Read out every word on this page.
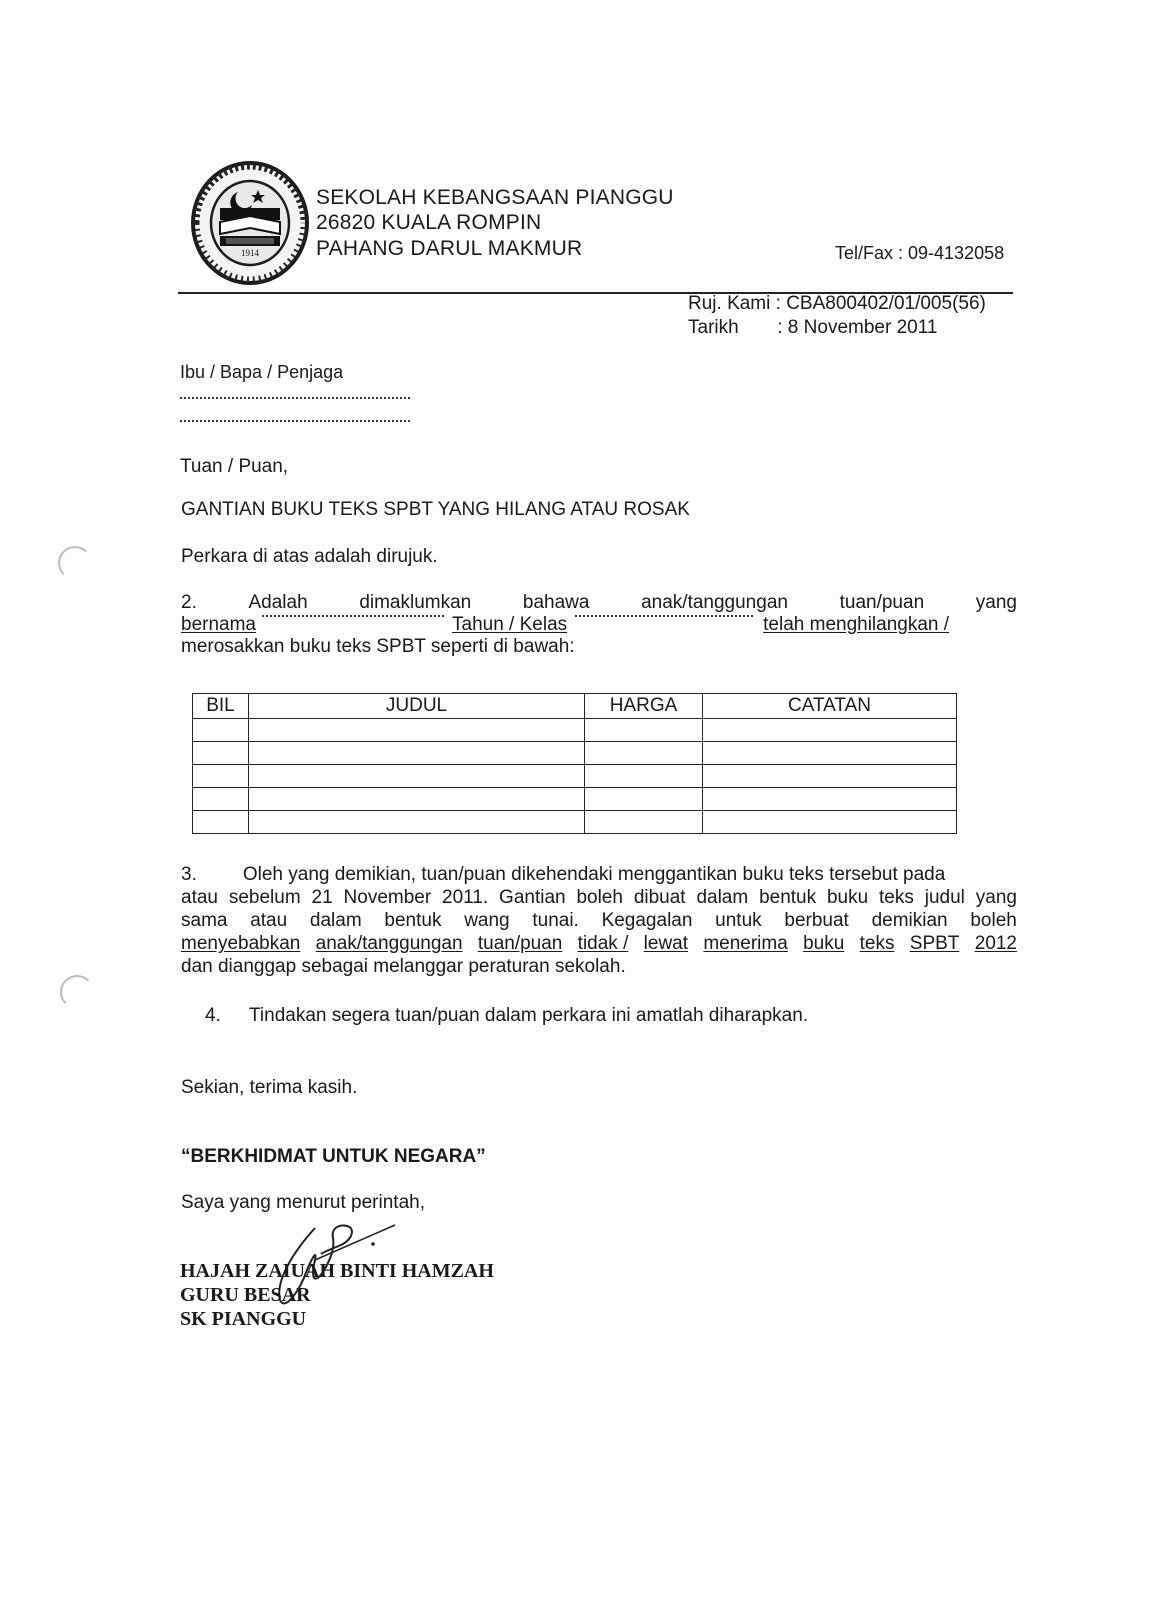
1914
SEKOLAH KEBANGSAAN PIANGGU
26820 KUALA ROMPIN
PAHANG DARUL MAKMUR	Tel/Fax : 09-4132058
Ruj. Kami : CBA800402/01/005(56)
Tarikh : 8 November 2011
Ibu / Bapa / Penjaga
Tuan / Puan,
GANTIAN BUKU TEKS SPBT YANG HILANG ATAU ROSAK
Perkara di atas adalah dirujuk.
2.	Adalah	dimaklumkan	bahawa	anak/tanggungan	tuan/puan	yang
bernama	Tahun / Kelas	telah menghilangkan /
merosakkan buku teks SPBT seperti di bawah:
BIL	JUDUL	HARGA	CATATAN

3. Oleh yang demikian, tuan/puan dikehendaki menggantikan buku teks tersebut pada
atau sebelum 21 November 2011. Gantian boleh dibuat dalam bentuk buku teks judul yang
sama atau dalam bentuk wang tunai. Kegagalan untuk berbuat demikian boleh
menyebabkan anak/tanggungan tuan/puan tidak / lewat menerima buku teks SPBT 2012
dan dianggap sebagai melanggar peraturan sekolah.
4. Tindakan segera tuan/puan dalam perkara ini amatlah diharapkan.
Sekian, terima kasih.
“BERKHIDMAT UNTUK NEGARA”
Saya yang menurut perintah,
HAJAH ZAIUAH BINTI HAMZAH
GURU BESAR
SK PIANGGU
